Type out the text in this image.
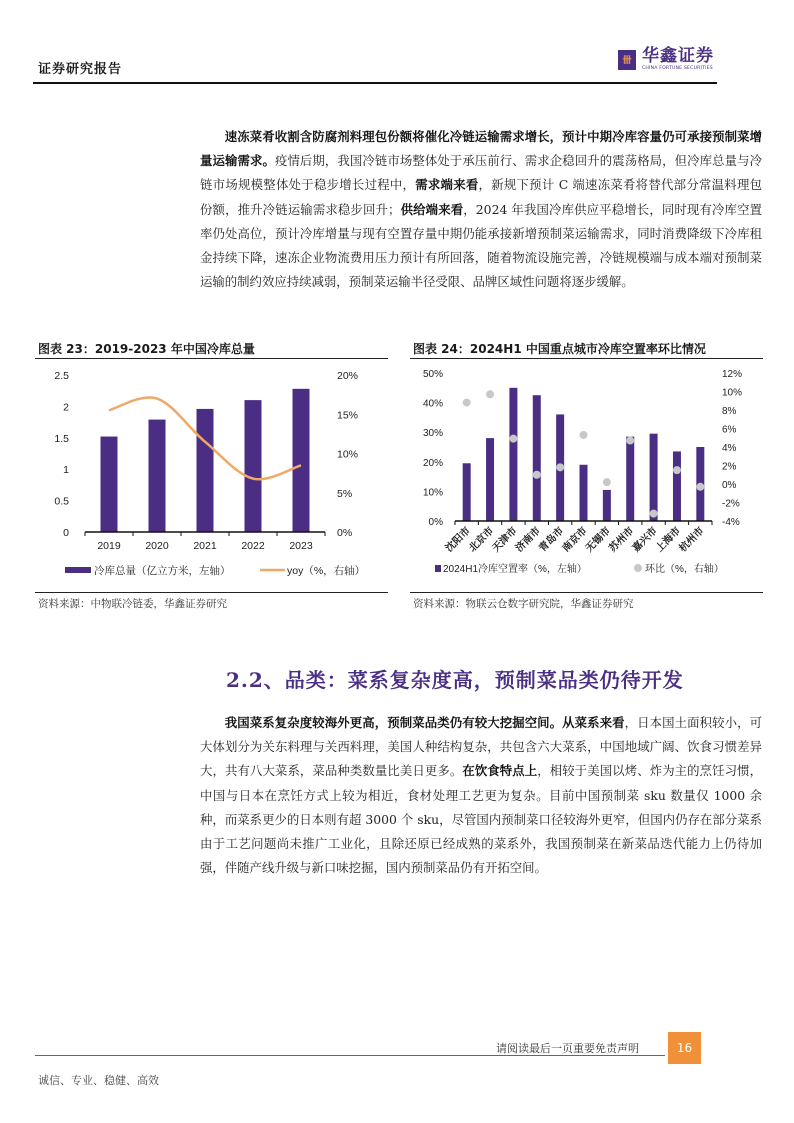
证券研究报告
卌 华鑫证券
CHINA FORTUNE SECURITIES
速冻菜肴收割含防腐剂料理包份额将催化冷链运输需求增长，预计中期冷库容量仍可承接预制菜增量运输需求。疫情后期，我国冷链市场整体处于承压前行、需求企稳回升的震荡格局，但冷库总量与冷链市场规模整体处于稳步增长过程中，需求端来看，新规下预计 C 端速冻菜肴将替代部分常温料理包份额，推升冷链运输需求稳步回升；供给端来看，2024 年我国冷库供应平稳增长，同时现有冷库空置率仍处高位，预计冷库增量与现有空置存量中期仍能承接新增预制菜运输需求，同时消费降级下冷库租金持续下降，速冻企业物流费用压力预计有所回落，随着物流设施完善，冷链规模端与成本端对预制菜运输的制约效应持续减弱，预制菜运输半径受限、品牌区域性问题将逐步缓解。
图表 23：2019-2023 年中国冷库总量
0
0.5
1
1.5
2
2.5
0%
5%
10%
15%
20%
2019 2020 2021 2022 2023
冷库总量（亿立方米，左轴）	yoy（%，右轴）
资料来源：中物联冷链委，华鑫证券研究
图表 24：2024H1 中国重点城市冷库空置率环比情况
0%
10%
20%
30%
40%
50%
-4%
-2%
0%
2%
4%
6%
8%
10%
12%
沈阳市
北京市
天津市
济南市
青岛市
南京市
无锡市
苏州市
嘉兴市
上海市
杭州市
2024H1冷库空置率（%，左轴）	环比（%，右轴）
资料来源：物联云仓数字研究院，华鑫证券研究
2.2、品类：菜系复杂度高，预制菜品类仍待开发
我国菜系复杂度较海外更高，预制菜品类仍有较大挖掘空间。从菜系来看，日本国土面积较小，可大体划分为关东料理与关西料理，美国人种结构复杂，共包含六大菜系，中国地域广阔、饮食习惯差异大，共有八大菜系，菜品种类数量比美日更多。在饮食特点上，相较于美国以烤、炸为主的烹饪习惯，中国与日本在烹饪方式上较为相近，食材处理工艺更为复杂。目前中国预制菜 sku 数量仅 1000 余种，而菜系更少的日本则有超 3000 个 sku，尽管国内预制菜口径较海外更窄，但国内仍存在部分菜系由于工艺问题尚未推广工业化，且除还原已经成熟的菜系外，我国预制菜在新菜品迭代能力上仍待加强，伴随产线升级与新口味挖掘，国内预制菜品仍有开拓空间。
请阅读最后一页重要免责声明	16
诚信、专业、稳健、高效
